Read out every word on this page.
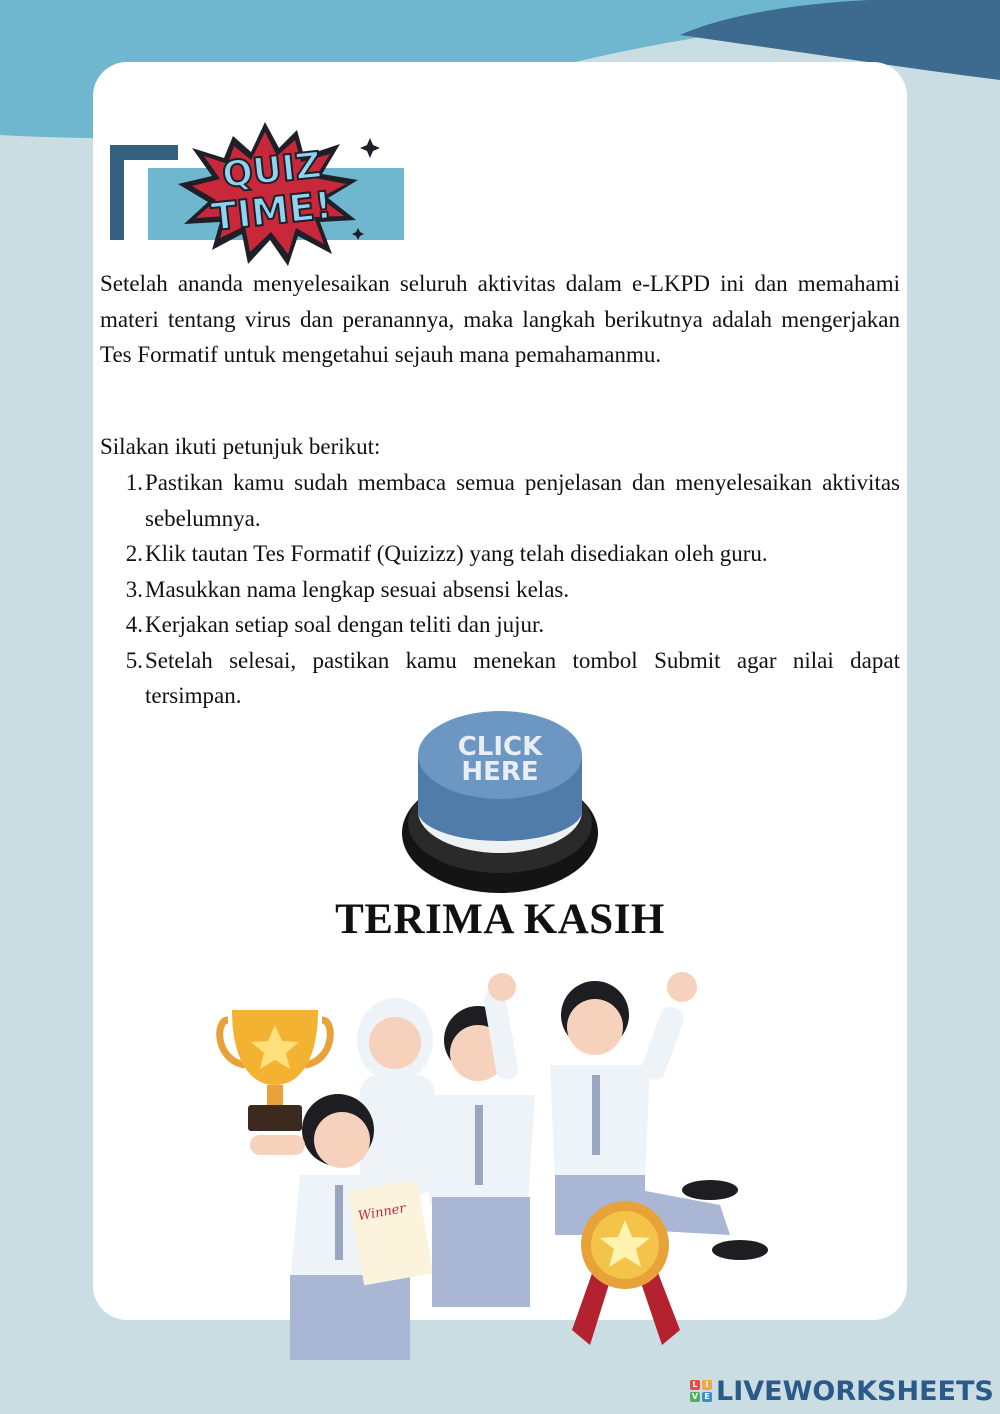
QUIZ
TIME!

Setelah ananda menyelesaikan seluruh aktivitas dalam e-LKPD ini dan memahami materi tentang virus dan peranannya, maka langkah berikutnya adalah mengerjakan Tes Formatif untuk mengetahui sejauh mana pemahamanmu.

Silakan ikuti petunjuk berikut:

1. Pastikan kamu sudah membaca semua penjelasan dan menyelesaikan aktivitas sebelumnya.
2. Klik tautan Tes Formatif (Quizizz) yang telah disediakan oleh guru.
3. Masukkan nama lengkap sesuai absensi kelas.
4. Kerjakan setiap soal dengan teliti dan jujur.
5. Setelah selesai, pastikan kamu menekan tombol Submit agar nilai dapat tersimpan.
CLICK
HERE
TERIMA KASIH
Winner
L I
V E LIVEWORKSHEETS
